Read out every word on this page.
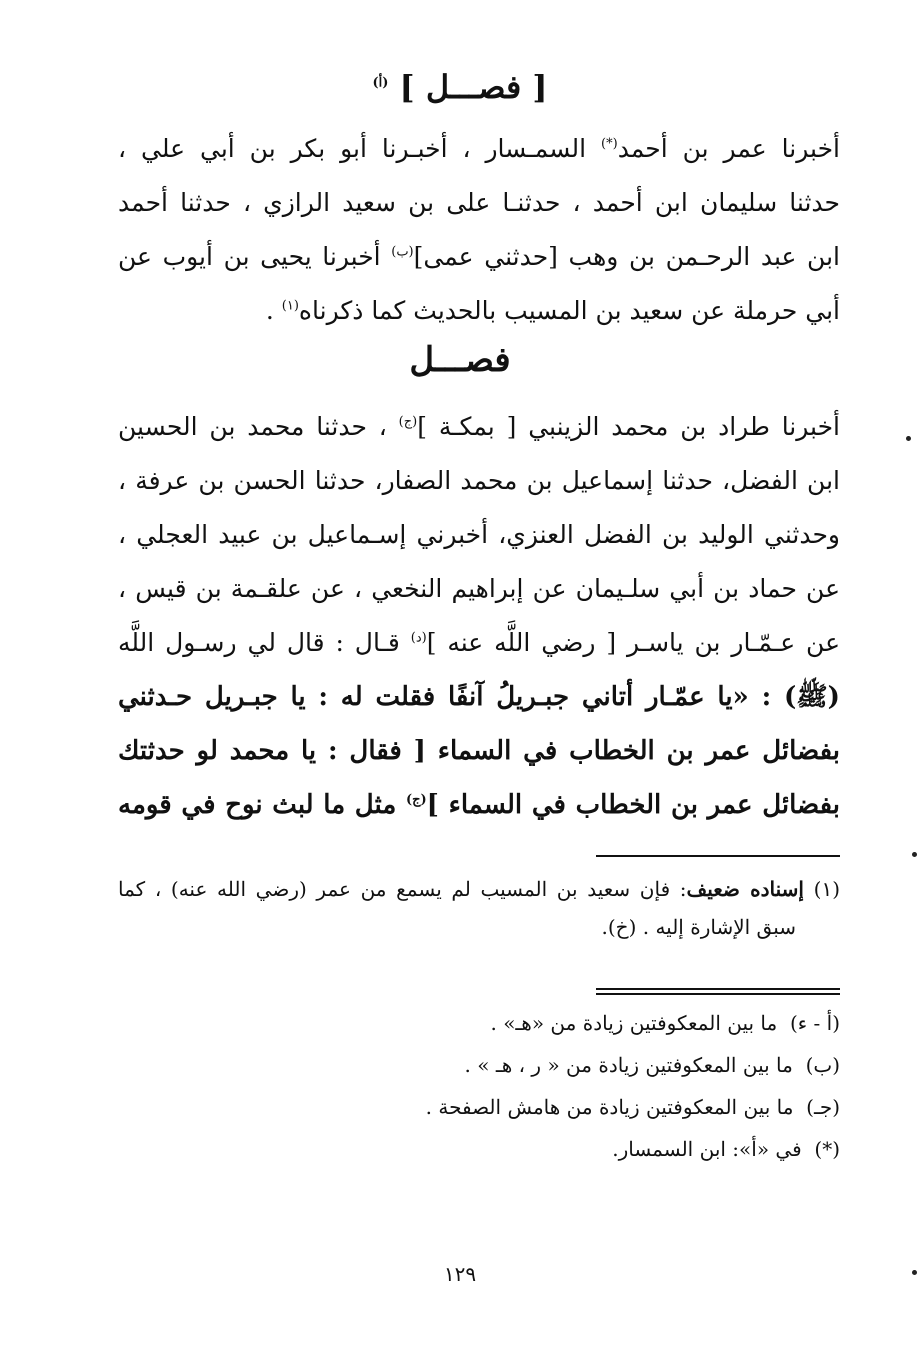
[ فصـــل ] $^{(أ)}$
أخبرنا عمر بن أحمد(*) السمـسار ، أخبـرنا أبو بكر بن أبي علي ،
حدثنا سليمان ابن أحمد ، حدثنـا على بن سعيد الرازي ، حدثنا أحمد
ابن عبد الرحـمن بن وهب [حدثني عمى]$^{(ب)}$ أخبرنا يحيى بن أيوب عن
أبي حرملة عن سعيد بن المسيب بالحديث كما ذكرناه$^{(١)}$ .
فصـــل
أخبرنا طراد بن محمد الزينبي [ بمكـة ]$^{(ج)}$ ، حدثنا محمد بن الحسين
ابن الفضل، حدثنا إسماعيل بن محمد الصفار، حدثنا الحسن بن عرفة ،
وحدثني الوليد بن الفضل العنزي، أخبرني إسـماعيل بن عبيد العجلي ،
عن حماد بن أبي سلـيمان عن إبراهيم النخعي ، عن علقـمة بن قيس ،
عن عـمّـار بن ياسـر [ رضي اللَّه عنه ]$^{(د)}$ قـال : قال لي رسـول اللَّه
(ﷺ) : «يا عمّـار أتاني جبـريلُ آنفًا فقلت له : يا جبـريل حـدثني
بفضائل عمر بن الخطاب في السماء [ فقال : يا محمد لو حدثتك
بفضائل عمر بن الخطاب في السماء ]$^{(ج)}$ مثل ما لبث نوح في قومه
(١) إسناده ضعيف: فإن سعيد بن المسيب لم يسمع من عمر (رضي الله عنه) ، كما
سبق الإشارة إليه . (خ).
(أ - ء)  ما بين المعكوفتين زيادة من «هـ» .
(ب)  ما بين المعكوفتين زيادة من « ر ، هـ » .
(جـ)  ما بين المعكوفتين زيادة من هامش الصفحة .
(*)  في «أ»: ابن السمسار.
١٢٩
